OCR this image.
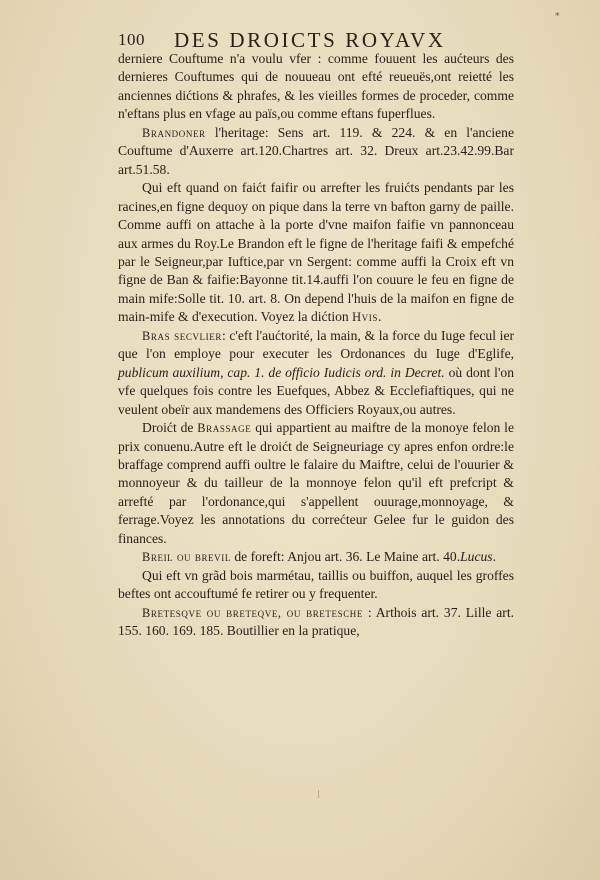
*
100 DES DROICTS ROYAVX

derniere Couftume n'a voulu vfer : comme fouuent les aućteurs des dernieres Couftumes qui de nouueau ont efté reueuës,ont reietté les anciennes dićtions & phrafes, & les vieilles formes de proceder, comme n'eftans plus en vfage au païs,ou comme eftans fuperflues.

Brandoner l'heritage: Sens art. 119. & 224. & en l'anciene Couftume d'Auxerre art.120.Chartres art. 32. Dreux art.23.42.99.Bar art.51.58.

Qui eft quand on faićt faifir ou arrefter les fruićts pendants par les racines,en figne dequoy on pique dans la terre vn bafton garny de paille. Comme auffi on attache à la porte d'vne maifon faifie vn pannonceau aux armes du Roy.Le Brandon eft le figne de l'heritage faifi & empefché par le Seigneur,par Iuftice,par vn Sergent: comme auffi la Croix eft vn figne de Ban & faifie:Bayonne tit.14.auffi l'on couure le feu en figne de main mife:Solle tit. 10. art. 8. On depend l'huis de la maifon en figne de main-mife & d'execution. Voyez la dićtion Hvis.

Bras secvlier: c'eft l'aućtorité, la main, & la force du Iuge fecul ier que l'on employe pour executer les Ordonances du Iuge d'Eglife, publicum auxilium, cap. 1. de officio Iudicis ord. in Decret. où dont l'on vfe quelques fois contre les Euefques, Abbez & Ecclefiaftiques, qui ne veulent obeïr aux mandemens des Officiers Royaux,ou autres.

Droićt de Brassage qui appartient au maiftre de la monoye felon le prix conuenu.Autre eft le droićt de Seigneuriage cy apres enfon ordre:le braffage comprend auffi oultre le falaire du Maiftre, celui de l'ouurier & monnoyeur & du tailleur de la monnoye felon qu'il eft prefcript & arrefté par l'ordonance,qui s'appellent ouurage,monnoyage, & ferrage.Voyez les annotations du correćteur Gelee fur le guidon des finances.

Breil ou brevil de foreft: Anjou art. 36. Le Maine art. 40.Lucus.

Qui eft vn grãd bois marmétau, taillis ou buiffon, auquel les groffes beftes ont accouftumé fe retirer ou y frequenter.

Bretesqve ou breteqve, ou bretesche : Arthois art. 37. Lille art. 155. 160. 169. 185. Boutillier en la pratique,
